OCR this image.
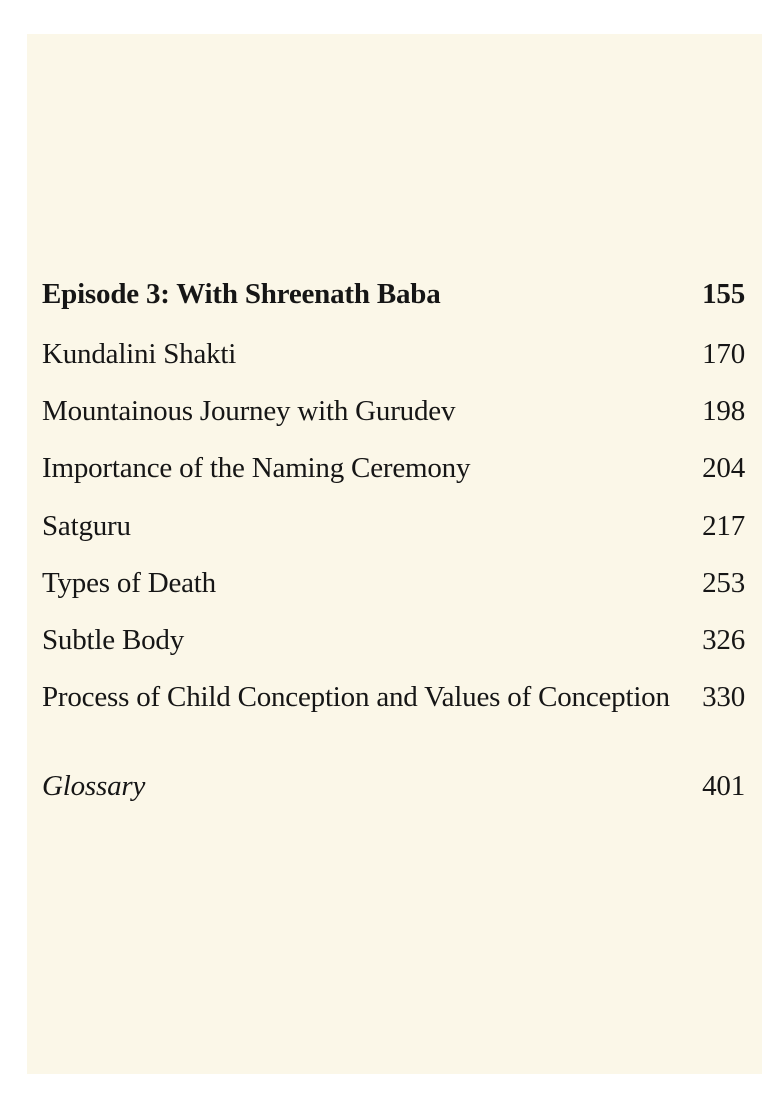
Episode 3: With Shreenath Baba	155
Kundalini Shakti	170
Mountainous Journey with Gurudev	198
Importance of the Naming Ceremony	204
Satguru	217
Types of Death	253
Subtle Body	326
Process of Child Conception and Values of Conception 330
Glossary	401
